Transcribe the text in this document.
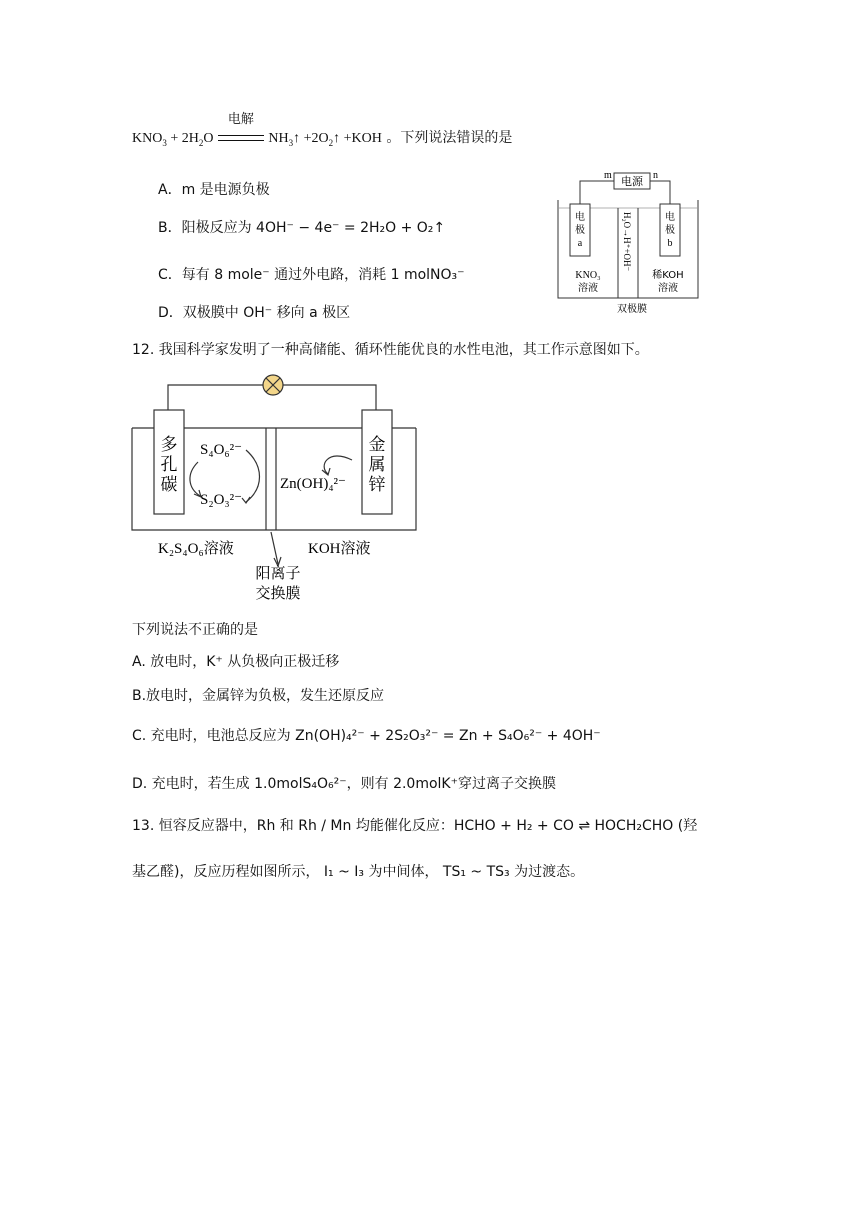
$KNO_3 + 2H_2O$
电解
$NH_3↑$ $+2O_2↑ +KOH$ 。下列说法错误的是
A．m 是电源负极
B．阳极反应为 4OH⁻ − 4e⁻ = 2H₂O + O₂↑
C．每有 8 mole⁻ 通过外电路，消耗 1 molNO₃⁻
D．双极膜中 OH⁻ 移向 a 极区
电源
m	n
电
极
a
电
极
b
H₂O→H⁺+OH⁻
KNO₃
溶液
稀KOH
溶液
双极膜
12. 我国科学家发明了一种高储能、循环性能优良的水性电池，其工作示意图如下。
多
孔
碳
金
属
锌
S₄O₆²⁻
S₂O₃²⁻
Zn(OH)₄²⁻
K₂S₄O₆溶液	KOH溶液
阳离子
交换膜
下列说法不正确的是
A. 放电时，K⁺ 从负极向正极迁移
B.放电时，金属锌为负极，发生还原反应
C. 充电时，电池总反应为 Zn(OH)₄²⁻ + 2S₂O₃²⁻ = Zn + S₄O₆²⁻ + 4OH⁻
D. 充电时，若生成 1.0molS₄O₆²⁻，则有 2.0molK⁺穿过离子交换膜
13. 恒容反应器中，Rh 和 Rh / Mn 均能催化反应：HCHO + H₂ + CO ⇌ HOCH₂CHO (羟
基乙醛)，反应历程如图所示， I₁ ~ I₃ 为中间体， TS₁ ~ TS₃ 为过渡态。
